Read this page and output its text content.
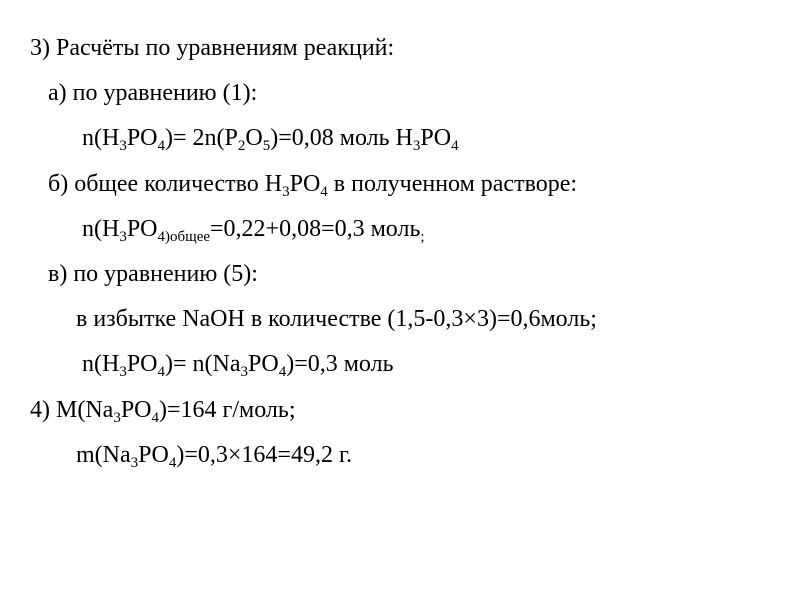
3) Расчёты по уравнениям реакций:
а) по уравнению (1):
$n(H_3PO_4)= 2n(P_2O_5)=0,08$ моль $H_3PO_4$
б) общее количество $H_3PO_4$ в полученном растворе:
$n(H_3PO_{4)общее}=0,22+0,08=0,3$ моль$_;$
в) по уравнению (5):
в избытке NaOH в количестве (1,5-0,3×3)=0,6моль;
$n(H_3PO_4)= n(Na_3PO_4)=0,3$ моль
4) $M(Na_3PO_4)=164$ г/моль;
$m(Na_3PO_4)=0,3\times 164=49,2$ г.
